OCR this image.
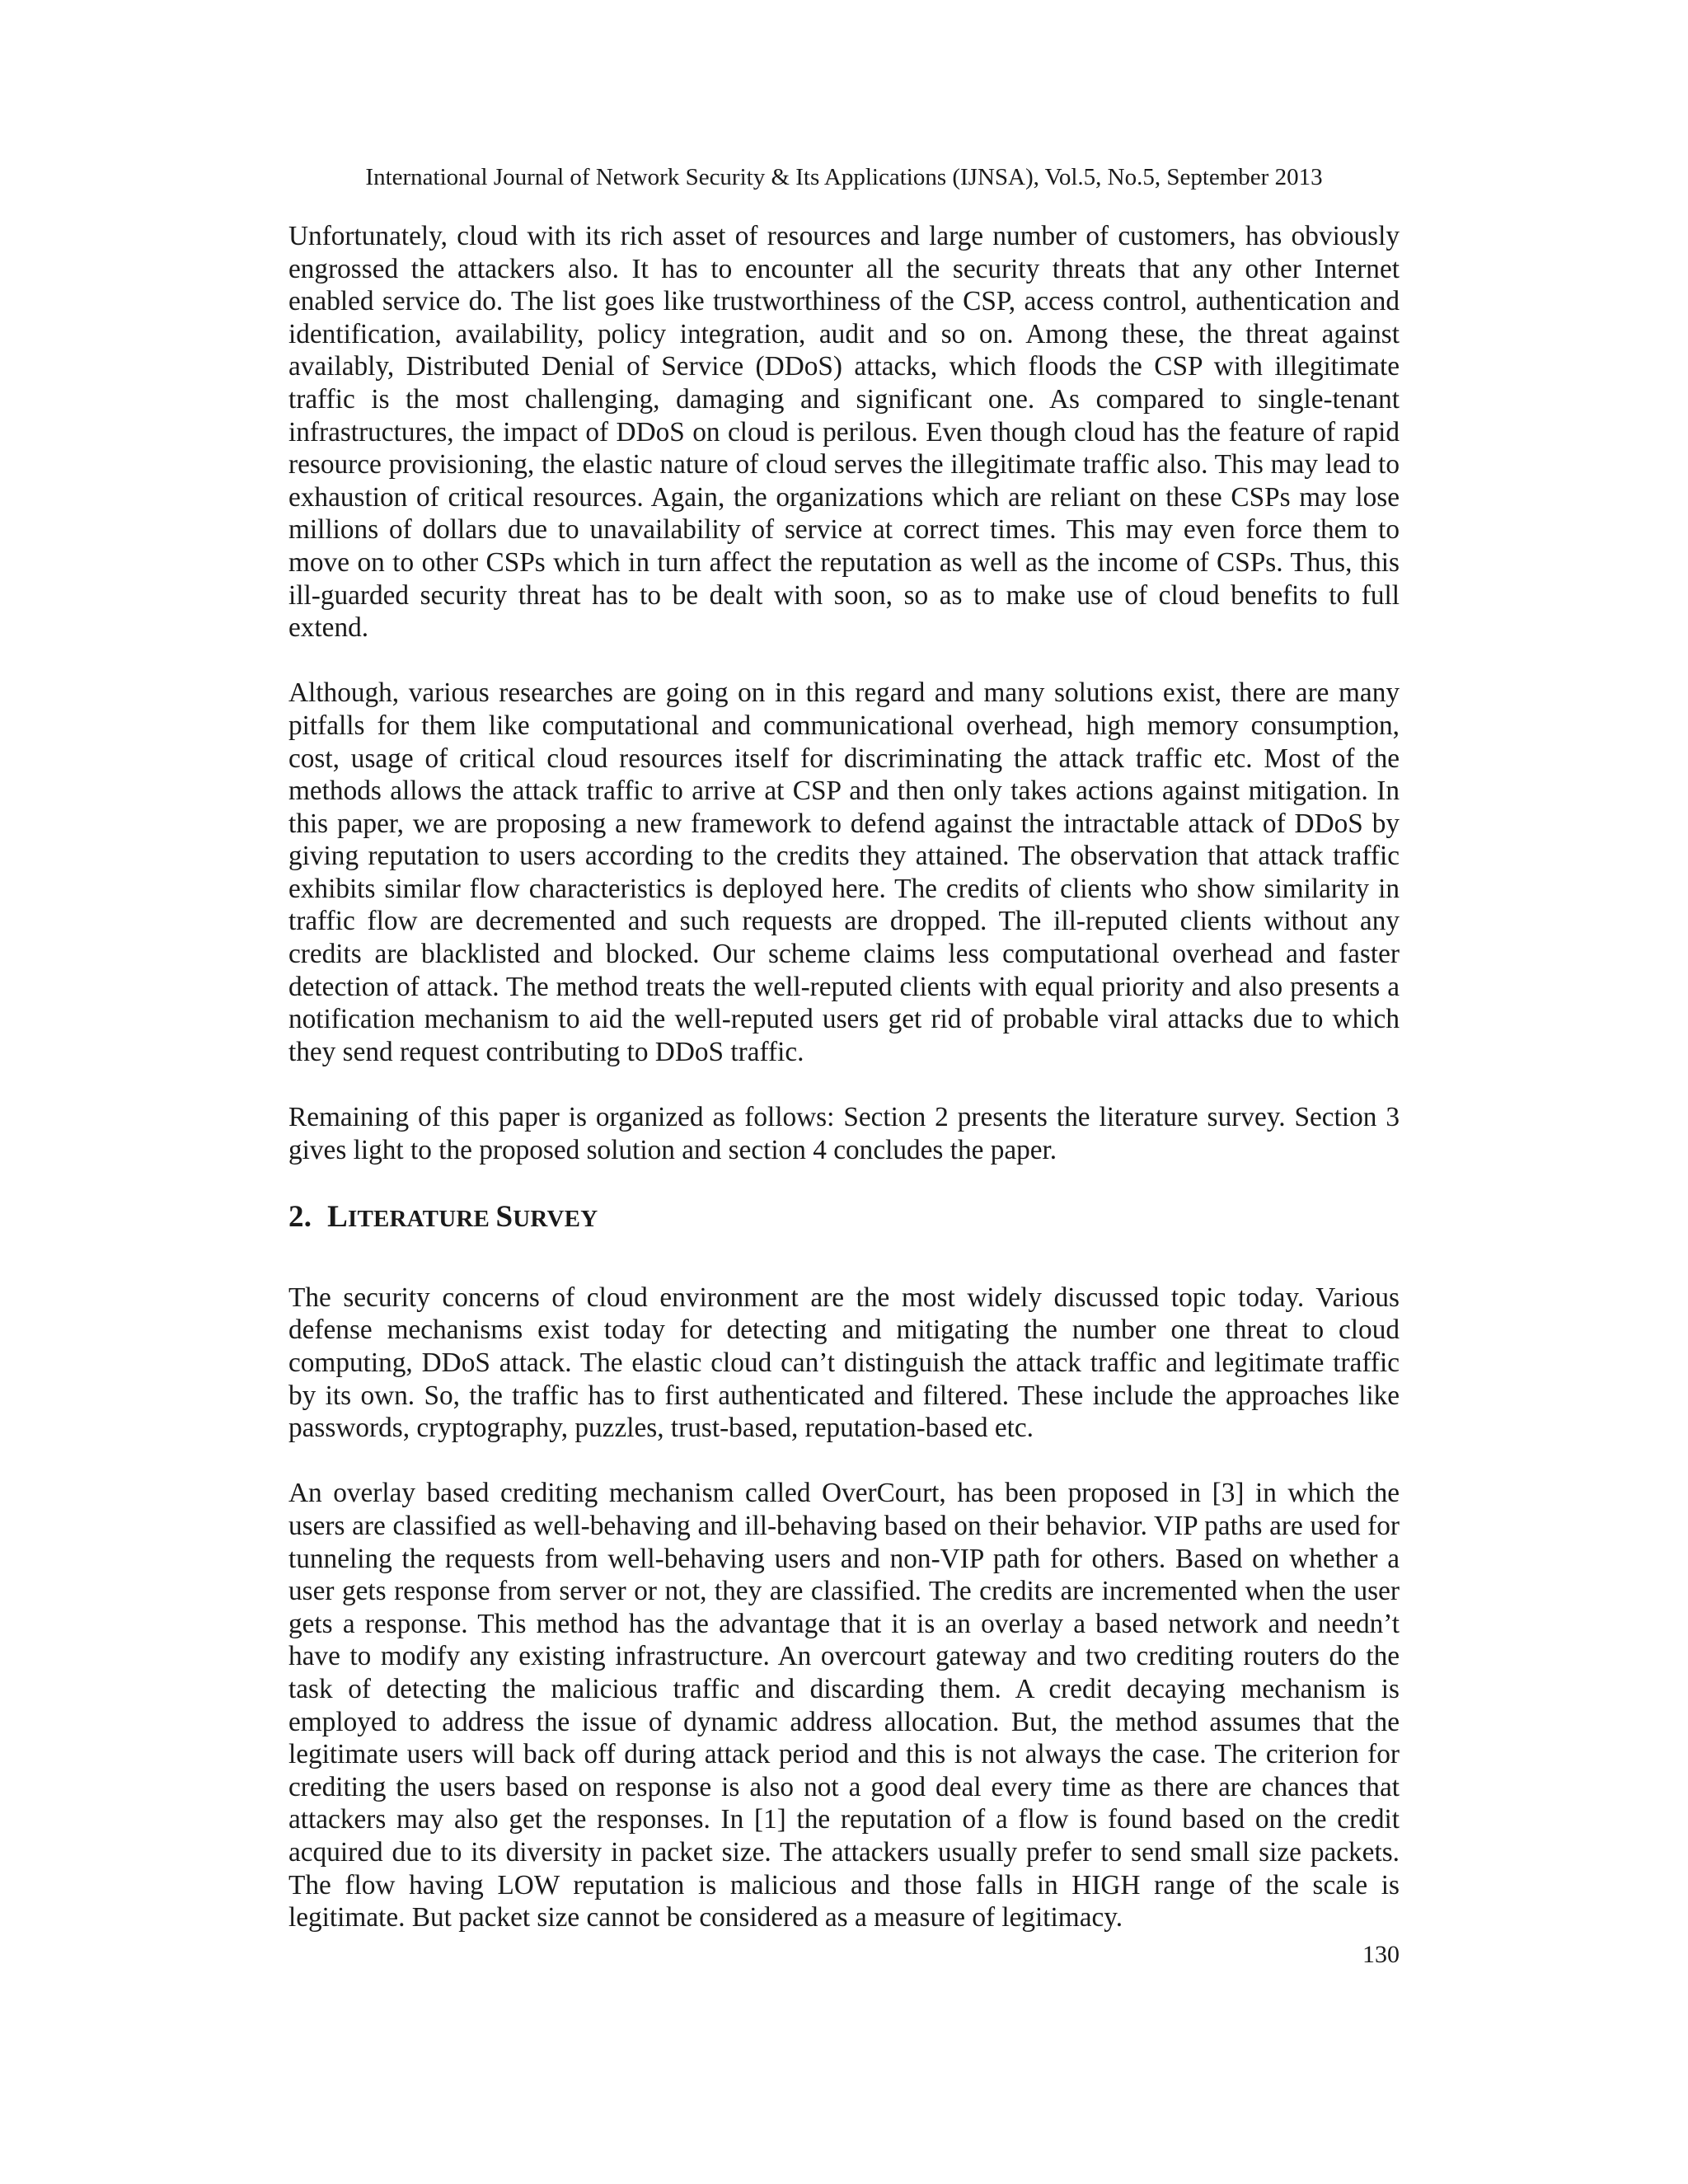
International Journal of Network Security & Its Applications (IJNSA), Vol.5, No.5, September 2013

Unfortunately, cloud with its rich asset of resources and large number of customers, has obviously engrossed the attackers also. It has to encounter all the security threats that any other Internet enabled service do. The list goes like trustworthiness of the CSP, access control, authentication and identification, availability, policy integration, audit and so on. Among these, the threat against availably, Distributed Denial of Service (DDoS) attacks, which floods the CSP with illegitimate traffic is the most challenging, damaging and significant one. As compared to single-tenant infrastructures, the impact of DDoS on cloud is perilous. Even though cloud has the feature of rapid resource provisioning, the elastic nature of cloud serves the illegitimate traffic also. This may lead to exhaustion of critical resources. Again, the organizations which are reliant on these CSPs may lose millions of dollars due to unavailability of service at correct times. This may even force them to move on to other CSPs which in turn affect the reputation as well as the income of CSPs. Thus, this ill-guarded security threat has to be dealt with soon, so as to make use of cloud benefits to full extend.

Although, various researches are going on in this regard and many solutions exist, there are many pitfalls for them like computational and communicational overhead, high memory consumption, cost, usage of critical cloud resources itself for discriminating the attack traffic etc. Most of the methods allows the attack traffic to arrive at CSP and then only takes actions against mitigation. In this paper, we are proposing a new framework to defend against the intractable attack of DDoS by giving reputation to users according to the credits they attained. The observation that attack traffic exhibits similar flow characteristics is deployed here. The credits of clients who show similarity in traffic flow are decremented and such requests are dropped. The ill-reputed clients without any credits are blacklisted and blocked. Our scheme claims less computational overhead and faster detection of attack. The method treats the well-reputed clients with equal priority and also presents a notification mechanism to aid the well-reputed users get rid of probable viral attacks due to which they send request contributing to DDoS traffic.

Remaining of this paper is organized as follows: Section 2 presents the literature survey. Section 3 gives light to the proposed solution and section 4 concludes the paper.

2. LITERATURE SURVEY

The security concerns of cloud environment are the most widely discussed topic today. Various defense mechanisms exist today for detecting and mitigating the number one threat to cloud computing, DDoS attack. The elastic cloud can’t distinguish the attack traffic and legitimate traffic by its own. So, the traffic has to first authenticated and filtered. These include the approaches like passwords, cryptography, puzzles, trust-based, reputation-based etc.

An overlay based crediting mechanism called OverCourt, has been proposed in [3] in which the users are classified as well-behaving and ill-behaving based on their behavior. VIP paths are used for tunneling the requests from well-behaving users and non-VIP path for others. Based on whether a user gets response from server or not, they are classified. The credits are incremented when the user gets a response. This method has the advantage that it is an overlay a based network and needn’t have to modify any existing infrastructure. An overcourt gateway and two crediting routers do the task of detecting the malicious traffic and discarding them. A credit decaying mechanism is employed to address the issue of dynamic address allocation. But, the method assumes that the legitimate users will back off during attack period and this is not always the case. The criterion for crediting the users based on response is also not a good deal every time as there are chances that attackers may also get the responses. In [1] the reputation of a flow is found based on the credit acquired due to its diversity in packet size. The attackers usually prefer to send small size packets. The flow having LOW reputation is malicious and those falls in HIGH range of the scale is legitimate. But packet size cannot be considered as a measure of legitimacy.

130
